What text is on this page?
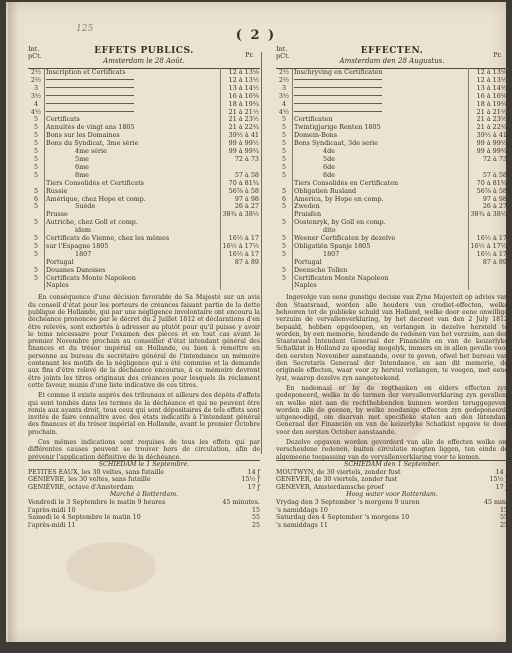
125	( 2 )
Int.
pCt.	Pr.
EFFETS PUBLICS.
Amsterdam le 28 Août.
2½	Inscription et Certificats	12 à 13⅛
2½		12 à 13½
3		13 à 14½
3½		16 à 16⅝
4		18 à 19¾
4½		21 à 21½
5	Certificats	21 à 23½
5	Annuités de vingt ans 1805	21 à 22¾
5	Bons sur les Domaines	39½ à 41
5	Bons du Syndicat, 3me série	99 à 99½
5	4me série	99 à 99¾
5	5me	72 à 73
5	6me	
5	8me	57 à 58
	Tiers Consolidés et Certificats	70 à 81¾
5	Russie	56⅞ à 58
6	Amérique, chez Hope et comp.	97 à 98
5	Suède	26 à 27
	Prusse	38¾ à 38½
5	Autriche, chez Goll et comp.	
	idem	
5	Certificats de Vienne, chez les mêmes	16½ à 17
5	sur l'Espagne 1805	16½ à 17½
5	1807	16½ à 17
	Portugal	87 à 89
5	Douanes Danoises	
5	Certificats Monte Napoleon	
	Naples	

En conséquence d'une décision favorable de Sa Majesté sur un avis du conseil d'état pour les porteurs de créances faisant partie de la dette publique de Hollande, qui par une négligence involontaire ont encouru la déchéance prononcée par le décret du 2 Juillet 1812 et déclarations d'en être relevés, sont exhortés à adresser au plutôt pour qu'il puisse y avoir le tems nécessaire pour l'examen des pièces et en tout cas avant le premier Novembre prochain au conseiller d'état intendant général des finances et du trésor impérial en Hollande, ou bien à remettre en personne au bureau du secrétaire général de l'intendance un mémoire contenant les motifs de la négligence qui a été commise et la demande aux fins d'être relevé de la déchéance encourue, à ce mémoire devront être joints les titres originaux des créances pour lesquels ils réclament cette faveur, munis d'une liste indicative de ces titres.

Et comme il existe auprès des tribunaux et ailleurs des dépôts d'effets qui sont tombés dans les termes de la déchéance et qui ne peuvent être remis aux ayants droit, tous ceux qui sont dépositaires de tels effets sont invités de faire connaître avec des états indicatifs à l'intendant général des finances et du trésor impérial en Hollande, avant le premier Octobre prochain.

Ces mêmes indications sont requises de tous les effets qui par différentes causes peuvent se trouver hors de circulation, afin de prévenir l'application définitive de la déchéance.

Int.
pCt.	Pr.
EFFECTEN.
Amsterdam den 28 Augustus.
2½	Inschryving en Certificaten	12 à 13⅛
2½		12 à 13½
3		13 à 14½
3½		16 à 16⅝
4		18 à 19¾
4½		21 à 21½
5	Certificaten	21 à 23½
5	Twintigjarige Renten 1805	21 à 22¾
5	Domein-Bons	39½ à 41
5	Bons Syndicaat, 3de serie	99 à 99½
5	4de	99 à 99¾
5	5de	72 à 73
5	6de	
5	8de	57 à 58
	Tiers Consolidés en Certificaten	70 à 81¾
5	Obligatien Rusland	56⅞ à 58
6	America, by Hope en comp.	97 à 98
5	Zweden	26 à 27
	Pruisfen	38¾ à 38½
5	Oostenryk, by Goll en comp.	
	dito	
5	Weener Certificaten by dezelve	16½ à 17
5	Obligatiën Spanje 1805	16½ à 17½
5	1807	16½ à 17
	Portugal	87 à 89
5	Deensche Tollen	
5	Certificaten Monte Napoleon	
	Naples	

Ingevolge van eene gunstige decisie van Zyne Majesteit op advies van den Staatsraad, worden alle houders van crediet-effecten, welke behooren tot de publieke schuld van Holland, welke door eene onwillige verzuim de vervallenverklaring, by het decreet van den 2 July 1812 bepaald, hebben opgeloopen, en verlangen in dezelve hersteld te worden, by een memorie, houdende de redenen van het verzuim, aan den Staatsraad Intendant Generaal der Financiën en van de keizerlyke Schatkist in Holland zo spoedig mogelyk, immers en in allen gevalle voor den eersten November aanstaande, over te geven, ofwel het bureau van den Secretaris Generaal der Intendance, en aan dit memorie, de originele effecten, waar voor zy herstel verlangen, te voegen, met eene lyst, waarop dezelve zyn aangeteekend.

En nademaal er by de regtbanken en elders effecten zyn gedeponeerd, welke in de termen der vervallenverklaring zyn gevallen, en welke niet aan de rechthebbenden kunnen worden teruggegeven, worden alle de geenen, by welke zoodanige effecten zyn gedeponeerd, uitgenoodigd, om daarvan met specifieke staten aan den Intendant Generaal der Financiën en van de keizerlyke Schatkist opgave te doen voor den eersten October aanstaande.

Dezelve opgaven worden gevorderd van alle de effecten welke om verscheidene redenen, buiten circulatie mogten liggen, ten einde de algemeene toepassing van de vervallenverklaring voor te komen.

SCHIEDAM le 1 Septembre.
PETITES EAUX, les 30 veltes, sans futaille	14 ƒ
GENIÈVRE, les 30 veltes, sans futaille	15½ ƒ
GENIÈVRE, octave d'Amsterdam	17 ƒ
Marché à Rotterdam.
Vendredi le 3 Septembre le matin 9 heures	45 minutes.
l'après-midi 10	15
Samedi le 4 Septembre le matin 10	55
l'après-midi 11	25
SCHIEDAM den 1 September.
MOUTWYN, de 30 viertels, zonder fust	14 ƒ
GENEVER, de 30 viertels, zonder fust	15½ ƒ
GENEVER, Amsterdamsche proef	17 ƒ
Hoog water voor Rotterdam.
Vrydag den 3 September 's morgens 9 uuren	45 min.
's namiddags 10	15
Saturdag den 4 September 's morgens 10	55
's namiddags 11	25
